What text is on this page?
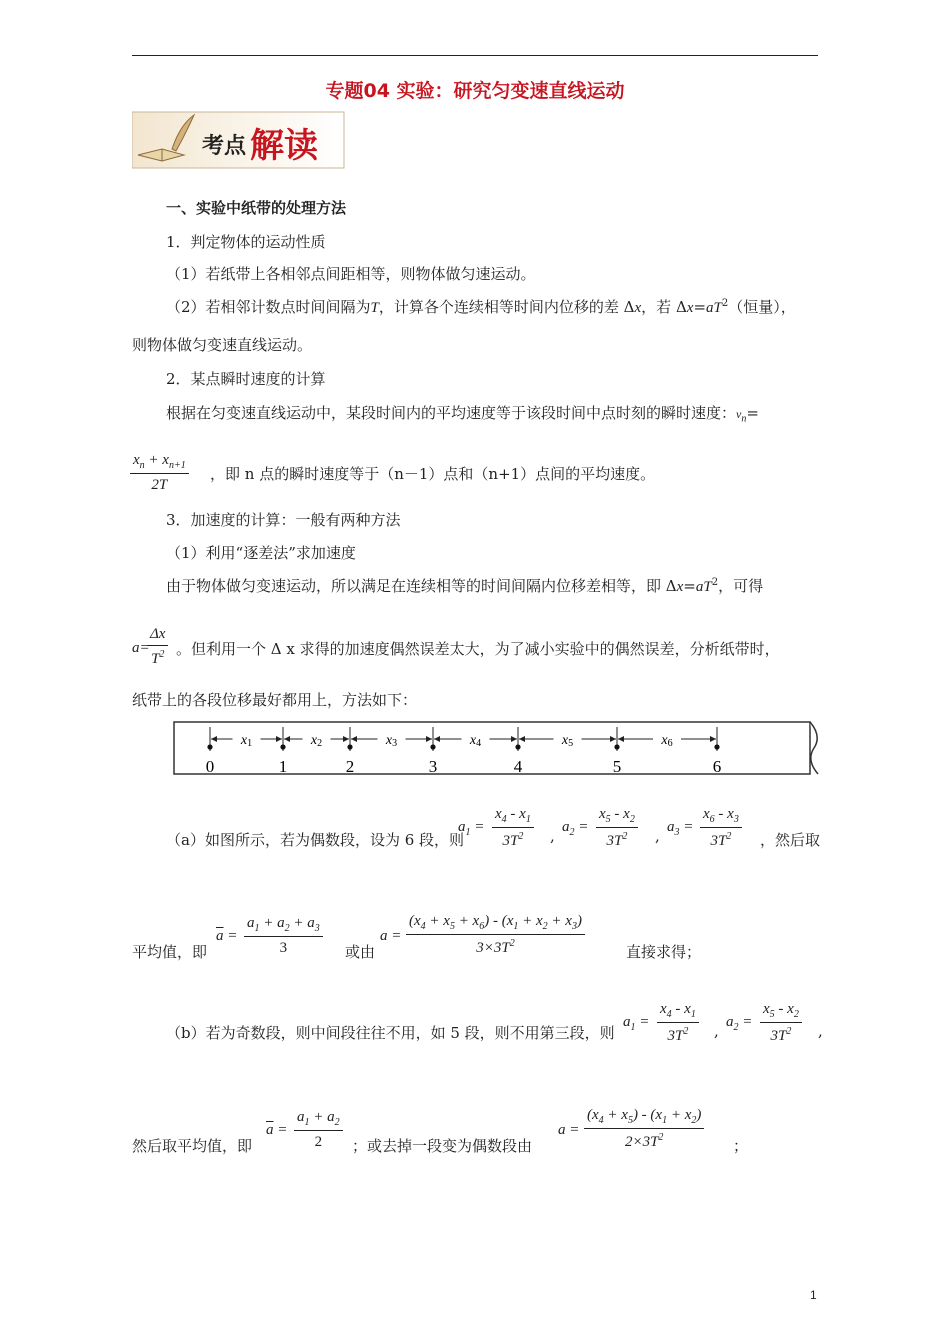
专题04 实验：研究匀变速直线运动
考点 解读
一、实验中纸带的处理方法
1．判定物体的运动性质
（1）若纸带上各相邻点间距相等，则物体做匀速运动。
（2）若相邻计数点时间间隔为T，计算各个连续相等时间内位移的差 Δx，若 $\Delta x=aT^2$（恒量），
则物体做匀变速直线运动。
2．某点瞬时速度的计算
根据在匀变速直线运动中，某段时间内的平均速度等于该段时间中点时刻的瞬时速度：$v_n=$
$\frac{x_n + x_{n+1}}{2T}$ ，即 n 点的瞬时速度等于（n－1）点和（n+1）点间的平均速度。
3．加速度的计算：一般有两种方法
（1）利用“逐差法”求加速度
由于物体做匀变速运动，所以满足在连续相等的时间间隔内位移差相等，即 $\Delta x=aT^2$，可得
a=
$\frac{\Delta x}{T^2}$ 。但利用一个 Δ x 求得的加速度偶然误差太大，为了减小实验中的偶然误差，分析纸带时，
纸带上的各段位移最好都用上，方法如下：
0	1	2	3	4	5	6
x1	x2	x3	x4	x5	x6
（a）如图所示，若为偶数段，设为 6 段，则
$a_1 = \frac{x_4 - x_1}{3T^2}$ , $a_2 = \frac{x_5 - x_2}{3T^2}$ , $a_3 = \frac{x_6 - x_3}{3T^2}$ ，然后取
平均值，即
$\overline{a} = \frac{a_1 + a_2 + a_3}{3}$ 或由
$a = \frac{(x_4 + x_5 + x_6) - (x_1 + x_2 + x_3)}{3\times 3T^2}$	直接求得；
（b）若为奇数段，则中间段往往不用，如 5 段，则不用第三段，则
$a_1 = \frac{x_4 - x_1}{3T^2}$ , $a_2 = \frac{x_5 - x_2}{3T^2}$ ,
然后取平均值，即
$\overline{a} = \frac{a_1 + a_2}{2}$ ；或去掉一段变为偶数段由
$a = \frac{(x_4 + x_5) - (x_1 + x_2)}{2\times 3T^2}$ ；
1
